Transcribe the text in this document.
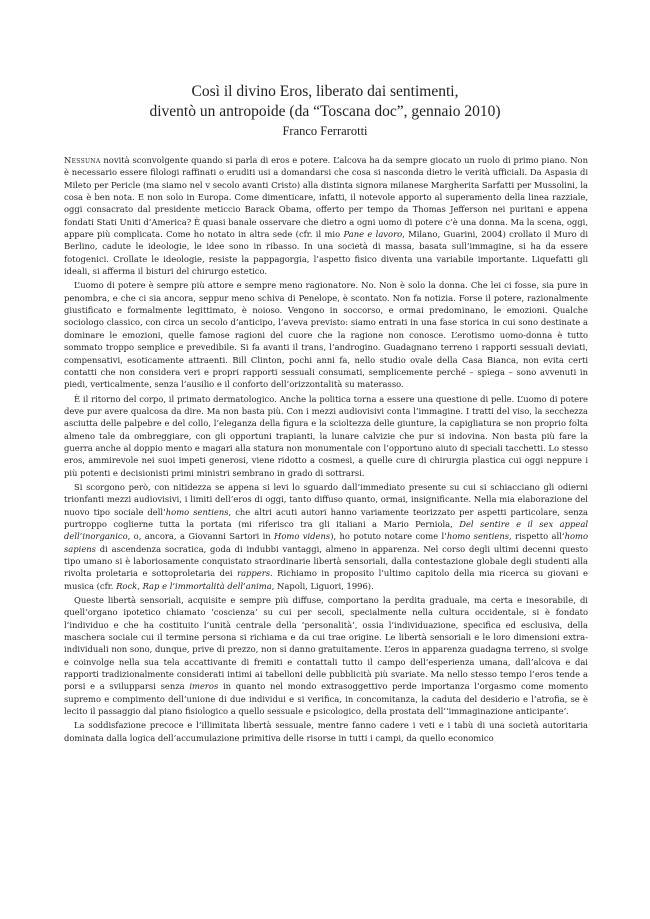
Così il divino Eros, liberato dai sentimenti,
diventò un antropoide (da “Toscana doc”, gennaio 2010)
Franco Ferrarotti

Nessuna novità sconvolgente quando si parla di eros e potere. L’alcova ha da sempre giocato un ruolo di primo piano. Non è necessario essere filologi raffinati o eruditi usi a domandarsi che cosa si nasconda dietro le verità ufficiali. Da Aspasia di Mileto per Pericle (ma siamo nel v secolo avanti Cristo) alla distinta signora milanese Margherita Sarfatti per Mussolini, la cosa è ben nota. E non solo in Europa. Come dimenticare, infatti, il notevole apporto al superamento della linea razziale, oggi consacrato dal presidente meticcio Barack Obama, offerto per tempo da Thomas Jefferson nei puritani e appena fondati Stati Uniti d’America? È quasi banale osservare che dietro a ogni uomo di potere c’è una donna. Ma la scena, oggi, appare più complicata. Come ho notato in altra sede (cfr. il mio Pane e lavoro, Milano, Guarini, 2004) crollato il Muro di Berlino, cadute le ideologie, le idee sono in ribasso. In una società di massa, basata sull’immagine, si ha da essere fotogenici. Crollate le ideologie, resiste la pappagorgia, l’aspetto fisico diventa una variabile importante. Liquefatti gli ideali, si afferma il bisturi del chirurgo estetico.

L’uomo di potere è sempre più attore e sempre meno ragionatore. No. Non è solo la donna. Che lei ci fosse, sia pure in penombra, e che ci sia ancora, seppur meno schiva di Penelope, è scontato. Non fa notizia. Forse il potere, razionalmente giustificato e formalmente legittimato, è noioso. Vengono in soccorso, e ormai predominano, le emozioni. Qualche sociologo classico, con circa un secolo d’anticipo, l’aveva previsto: siamo entrati in una fase storica in cui sono destinate a dominare le emozioni, quelle famose ragioni del cuore che la ragione non conosce. L’erotismo uomo-donna è tutto sommato troppo semplice e prevedibile. Si fa avanti il trans, l’androgino. Guadagnano terreno i rapporti sessuali deviati, compensativi, esoticamente attraenti. Bill Clinton, pochi anni fa, nello studio ovale della Casa Bianca, non evita certi contatti che non considera veri e propri rapporti sessuali consumati, semplicemente perché – spiega – sono avvenuti in piedi, verticalmente, senza l’ausilio e il conforto dell’orizzontalità su materasso.

È il ritorno del corpo, il primato dermatologico. Anche la politica torna a essere una questione di pelle. L’uomo di potere deve pur avere qualcosa da dire. Ma non basta più. Con i mezzi audiovisivi conta l’immagine. I tratti del viso, la secchezza asciutta delle palpebre e del collo, l’eleganza della figura e la scioltezza delle giunture, la capigliatura se non proprio folta almeno tale da ombreggiare, con gli opportuni trapianti, la lunare calvizie che pur si indovina. Non basta più fare la guerra anche al doppio mento e magari alla statura non monumentale con l’opportuno aiuto di speciali tacchetti. Lo stesso eros, ammirevole nei suoi impeti generosi, viene ridotto a cosmesi, a quelle cure di chirurgia plastica cui oggi neppure i più potenti e decisionisti primi ministri sembrano in grado di sottrarsi.

Si scorgono però, con nitidezza se appena si levi lo sguardo dall’immediato presente su cui si schiacciano gli odierni trionfanti mezzi audiovisivi, i limiti dell’eros di oggi, tanto diffuso quanto, ormai, insignificante. Nella mia elaborazione del nuovo tipo sociale dell’homo sentiens, che altri acuti autori hanno variamente teorizzato per aspetti particolare, senza purtroppo coglierne tutta la portata (mi riferisco tra gli italiani a Mario Perniola, Del sentire e il sex appeal dell’inorganico, o, ancora, a Giovanni Sartori in Homo videns), ho potuto notare come l’homo sentiens, rispetto all’homo sapiens di ascendenza socratica, goda di indubbi vantaggi, almeno in apparenza. Nel corso degli ultimi decenni questo tipo umano si è laboriosamente conquistato straordinarie libertà sensoriali, dalla contestazione globale degli studenti alla rivolta proletaria e sottoproletaria dei rappers. Richiamo in proposito l’ultimo capitolo della mia ricerca su giovani e musica (cfr. Rock, Rap e l’immortalità dell’anima, Napoli, Liguori, 1996).

Queste libertà sensoriali, acquisite e sempre più diffuse, comportano la perdita graduale, ma certa e inesorabile, di quell’organo ipotetico chiamato ‘coscienza’ su cui per secoli, specialmente nella cultura occidentale, si è fondato l’individuo e che ha costituito l’unità centrale della ‘personalità’, ossia l’individuazione, specifica ed esclusiva, della maschera sociale cui il termine persona si richiama e da cui trae origine. Le libertà sensoriali e le loro dimensioni extra-individuali non sono, dunque, prive di prezzo, non si danno gratuitamente. L’eros in apparenza guadagna terreno, si svolge e coinvolge nella sua tela accattivante di fremiti e contattali tutto il campo dell’esperienza umana, dall’alcova e dai rapporti tradizionalmente considerati intimi ai tabelloni delle pubblicità più svariate. Ma nello stesso tempo l’eros tende a porsi e a svilupparsi senza imeros in quanto nel mondo extrasoggettivo perde importanza l’orgasmo come momento supremo e compimento dell’unione di due individui e si verifica, in concomitanza, la caduta del desiderio e l’atrofia, se è lecito il passaggio dal piano fisiologico a quello sessuale e psicologico, della prostata dell’‘immaginazione anticipante’.

La soddisfazione precoce e l’illimitata libertà sessuale, mentre fanno cadere i veti e i tabù di una società autoritaria dominata dalla logica dell’accumulazione primitiva delle risorse in tutti i campi, da quello economico
